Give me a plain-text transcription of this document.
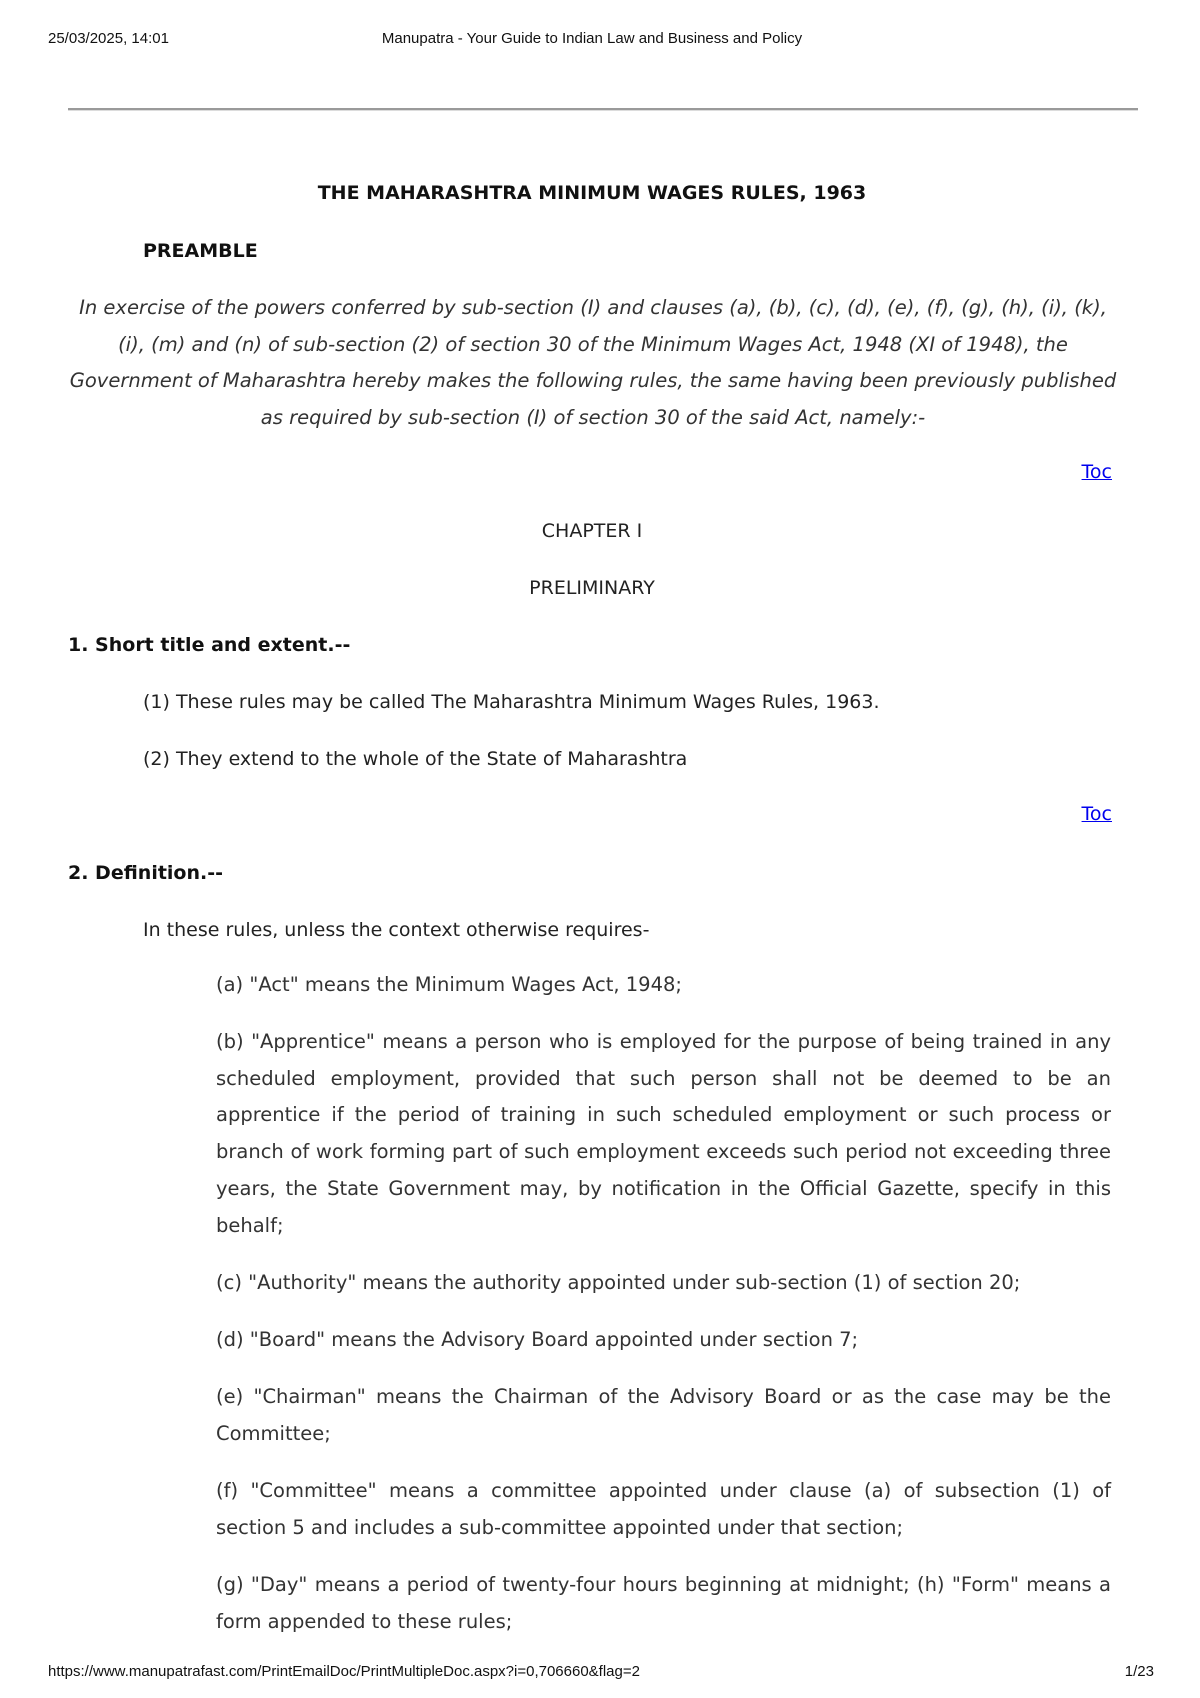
25/03/2025, 14:01	Manupatra - Your Guide to Indian Law and Business and Policy
THE MAHARASHTRA MINIMUM WAGES RULES, 1963
PREAMBLE
In exercise of the powers conferred by sub-section (I) and clauses (a), (b), (c), (d), (e), (f), (g), (h), (i), (k), (i), (m) and (n) of sub-section (2) of section 30 of the Minimum Wages Act, 1948 (XI of 1948), the Government of Maharashtra hereby makes the following rules, the same having been previously published as required by sub-section (I) of section 30 of the said Act, namely:-
Toc
CHAPTER I
PRELIMINARY
1. Short title and extent.--
(1) These rules may be called The Maharashtra Minimum Wages Rules, 1963.
(2) They extend to the whole of the State of Maharashtra
Toc
2. Definition.--
In these rules, unless the context otherwise requires-
(a) "Act" means the Minimum Wages Act, 1948;
(b) "Apprentice" means a person who is employed for the purpose of being trained in any scheduled employment, provided that such person shall not be deemed to be an apprentice if the period of training in such scheduled employment or such process or branch of work forming part of such employment exceeds such period not exceeding three years, the State Government may, by notification in the Official Gazette, specify in this behalf;
(c) "Authority" means the authority appointed under sub-section (1) of section 20;
(d) "Board" means the Advisory Board appointed under section 7;
(e) "Chairman" means the Chairman of the Advisory Board or as the case may be the Committee;
(f) "Committee" means a committee appointed under clause (a) of subsection (1) of section 5 and includes a sub-committee appointed under that section;
(g) "Day" means a period of twenty-four hours beginning at midnight; (h) "Form" means a form appended to these rules;
https://www.manupatrafast.com/PrintEmailDoc/PrintMultipleDoc.aspx?i=0,706660&flag=2	1/23
